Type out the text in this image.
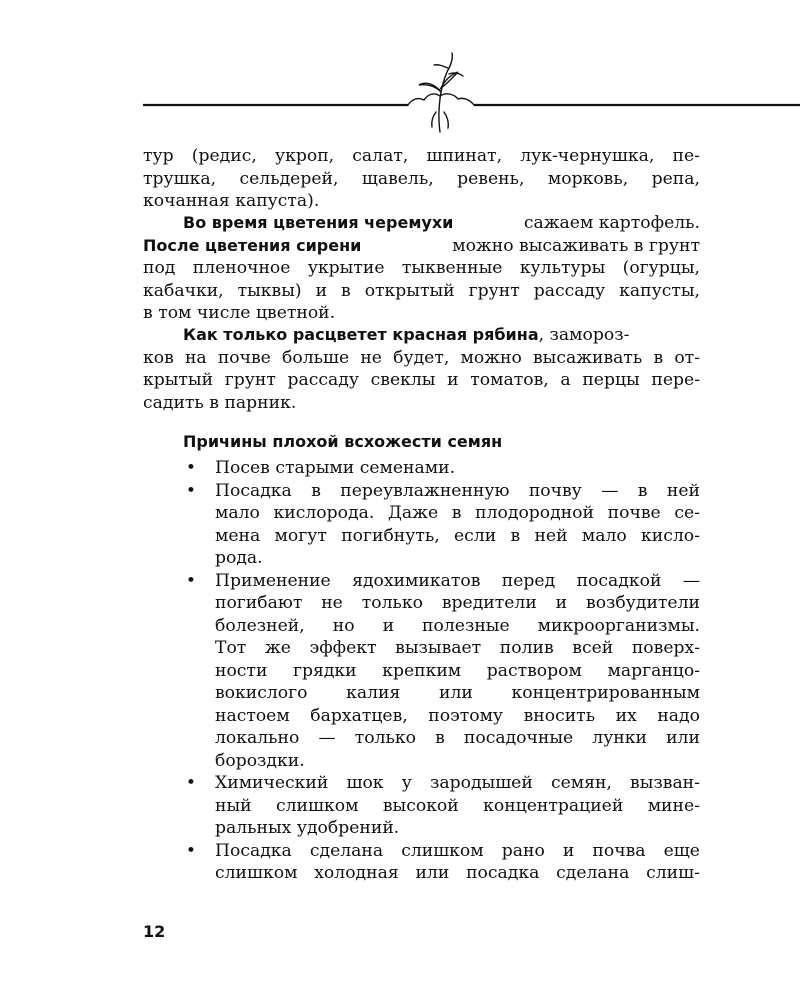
тур (редис, укроп, салат, шпинат, лук-чернушка, пе-
трушка, сельдерей, щавель, ревень, морковь, репа,
кочанная капуста).
Во время цветения черемухи	сажаем картофель.
После цветения сирени	можно высаживать в грунт
под пленочное укрытие тыквенные культуры (огурцы,
кабачки, тыквы) и в открытый грунт рассаду капусты,
в том числе цветной.
Как только расцветет красная рябина, замороз-
ков на почве больше не будет, можно высаживать в от-
крытый грунт рассаду свеклы и томатов, а перцы пере-
садить в парник.
Причины плохой всхожести семян
• Посев старыми семенами.
• Посадка в переувлажненную почву — в ней
мало кислорода. Даже в плодородной почве се-
мена могут погибнуть, если в ней мало кисло-
рода.
• Применение ядохимикатов перед посадкой —
погибают не только вредители и возбудители
болезней, но и полезные микроорганизмы.
Тот же эффект вызывает полив всей поверх-
ности грядки крепким раствором марганцо-
вокислого калия или концентрированным
настоем бархатцев, поэтому вносить их надо
локально — только в посадочные лунки или
бороздки.
• Химический шок у зародышей семян, вызван-
ный слишком высокой концентрацией мине-
ральных удобрений.
• Посадка сделана слишком рано и почва еще
слишком холодная или посадка сделана слиш-
12
